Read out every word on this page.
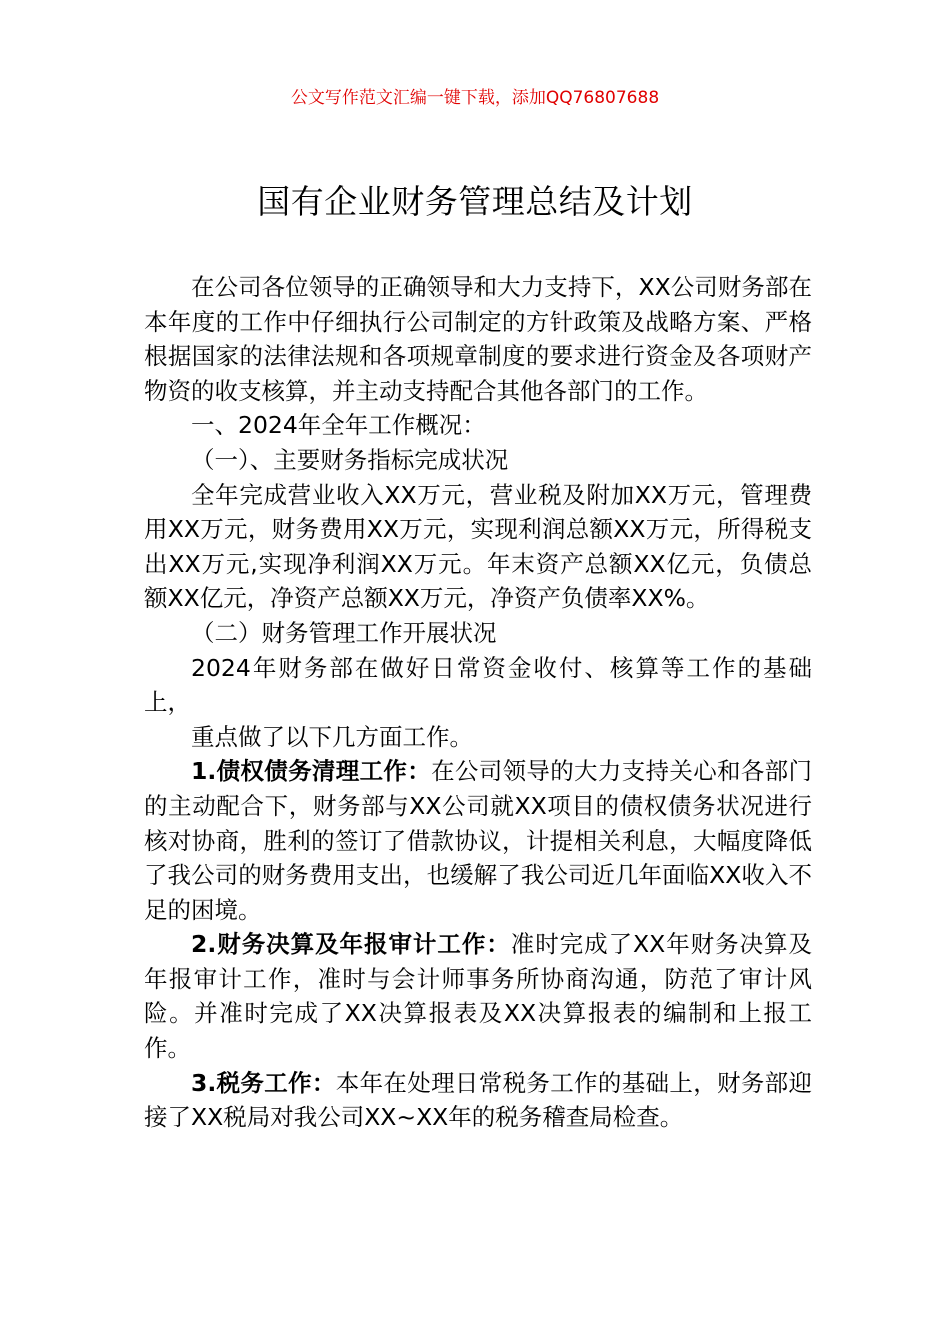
公文写作范文汇编一键下载，添加QQ76807688
国有企业财务管理总结及计划

在公司各位领导的正确领导和大力支持下，XX公司财务部在本年度的工作中仔细执行公司制定的方针政策及战略方案、严格根据国家的法律法规和各项规章制度的要求进行资金及各项财产物资的收支核算，并主动支持配合其他各部门的工作。

一、2024年全年工作概况：

（一）、主要财务指标完成状况

全年完成营业收入XX万元，营业税及附加XX万元，管理费用XX万元，财务费用XX万元，实现利润总额XX万元，所得税支出XX万元,实现净利润XX万元。年末资产总额XX亿元，负债总额XX亿元，净资产总额XX万元，净资产负债率XX%。

（二）财务管理工作开展状况

2024年财务部在做好日常资金收付、核算等工作的基础上，

重点做了以下几方面工作。

1.债权债务清理工作：在公司领导的大力支持关心和各部门的主动配合下，财务部与XX公司就XX项目的债权债务状况进行核对协商，胜利的签订了借款协议，计提相关利息，大幅度降低了我公司的财务费用支出，也缓解了我公司近几年面临XX收入不足的困境。

2.财务决算及年报审计工作：准时完成了XX年财务决算及年报审计工作，准时与会计师事务所协商沟通，防范了审计风险。并准时完成了XX决算报表及XX决算报表的编制和上报工作。

3.税务工作：本年在处理日常税务工作的基础上，财务部迎接了XX税局对我公司XX~XX年的税务稽查局检查。
